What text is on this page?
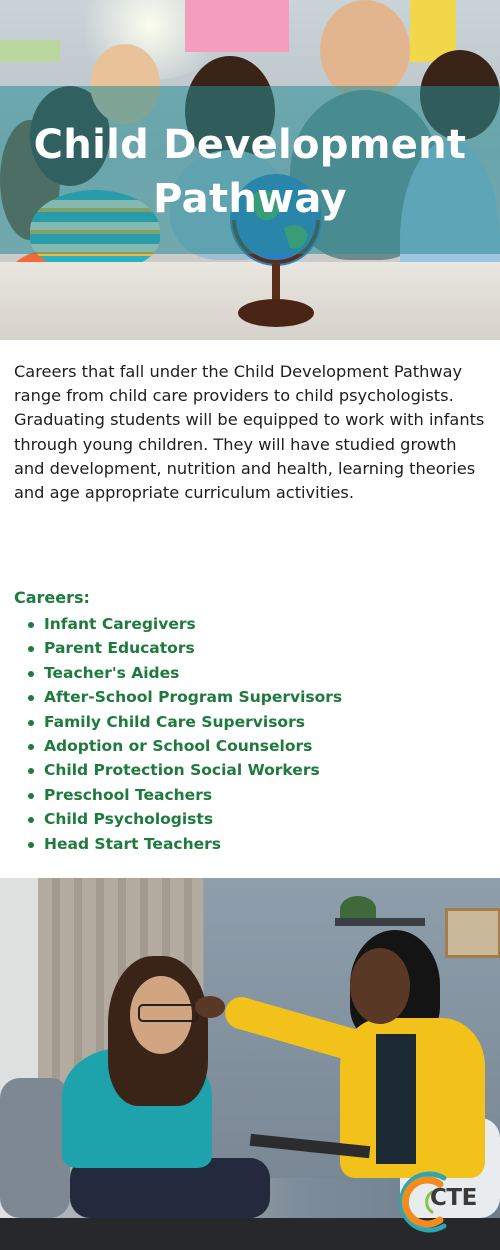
Child Development
Pathway

Careers that fall under the Child Development Pathway range from child care providers to child psychologists. Graduating students will be equipped to work with infants through young children. They will have studied growth and development, nutrition and health, learning theories and age appropriate curriculum activities.

Careers:
Infant Caregivers
Parent Educators
Teacher's Aides
After-School Program Supervisors
Family Child Care Supervisors
Adoption or School Counselors
Child Protection Social Workers
Preschool Teachers
Child Psychologists
Head Start Teachers
CTE
